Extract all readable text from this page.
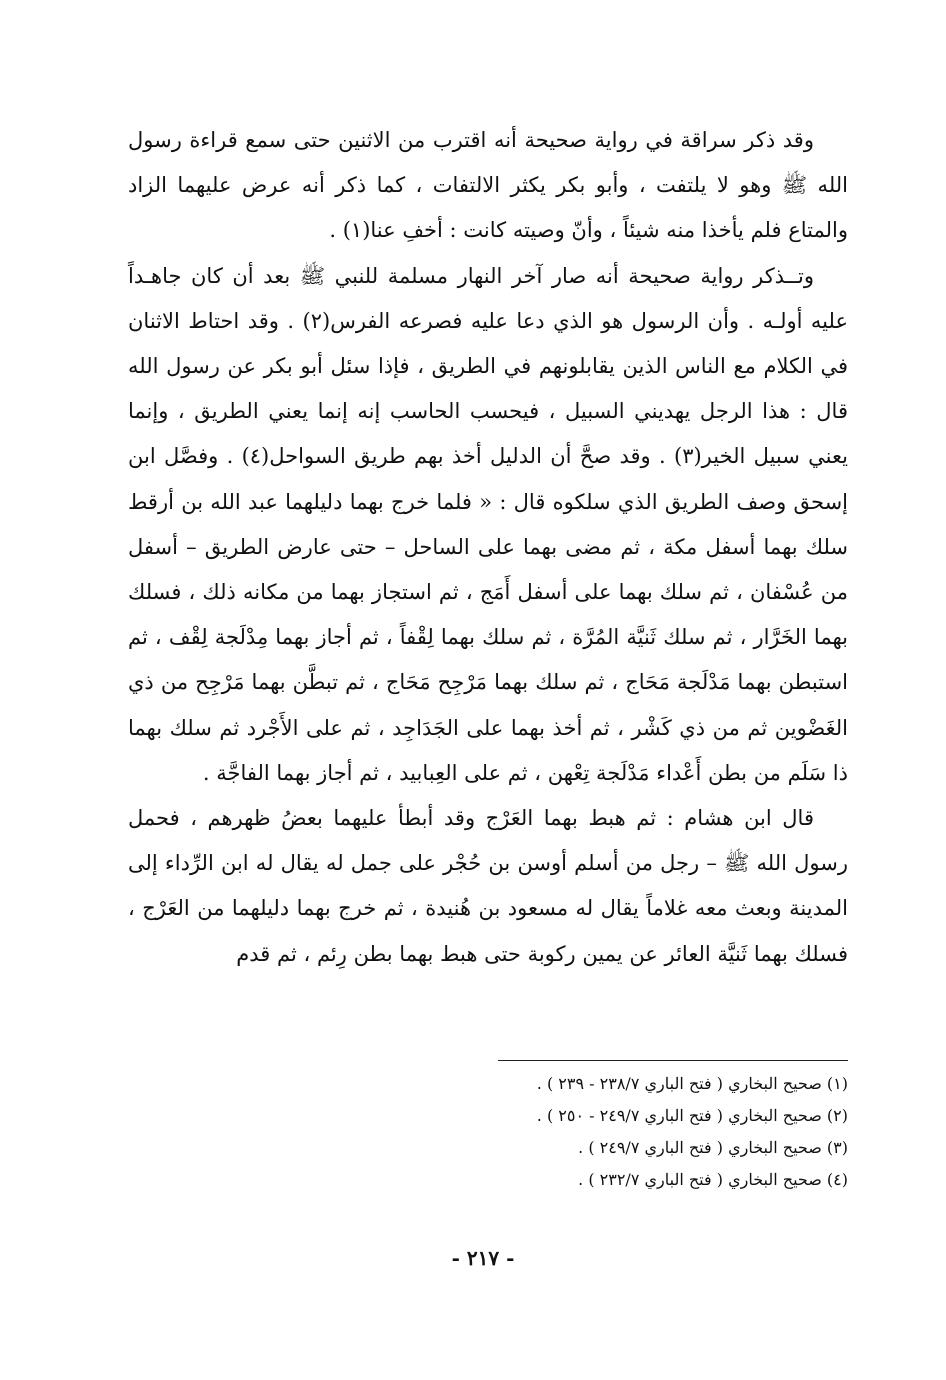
وقد ذكر سراقة في رواية صحيحة أنه اقترب من الاثنين حتى سمع قراءة رسول الله ﷺ وهو لا يلتفت ، وأبو بكر يكثر الالتفات ، كما ذكر أنه عرض عليهما الزاد والمتاع فلم يأخذا منه شيئاً ، وأنّ وصيته كانت : أخفِ عنا(١) .

وتــذكر رواية صحيحة أنه صار آخر النهار مسلمة للنبي ﷺ بعد أن كان جاهـداً عليه أولـه . وأن الرسول هو الذي دعا عليه فصرعه الفرس(٢) . وقد احتاط الاثنان في الكلام مع الناس الذين يقابلونهم في الطريق ، فإذا سئل أبو بكر عن رسول الله قال : هذا الرجل يهديني السبيل ، فيحسب الحاسب إنه إنما يعني الطريق ، وإنما يعني سبيل الخير(٣) . وقد صحَّ أن الدليل أخذ بهم طريق السواحل(٤) . وفصَّل ابن إسحق وصف الطريق الذي سلكوه قال : « فلما خرج بهما دليلهما عبد الله بن أرقط سلك بهما أسفل مكة ، ثم مضى بهما على الساحل – حتى عارض الطريق – أسفل من عُسْفان ، ثم سلك بهما على أسفل أَمَج ، ثم استجاز بهما من مكانه ذلك ، فسلك بهما الخَرَّار ، ثم سلك ثَنيَّة المُرَّة ، ثم سلك بهما لِقْفاً ، ثم أجاز بهما مِدْلَجة لِقْف ، ثم استبطن بهما مَدْلَجة مَحَاج ، ثم سلك بهما مَرْجِح مَحَاج ، ثم تبطَّن بهما مَرْجِح من ذي الغَضْوين ثم من ذي كَشْر ، ثم أخذ بهما على الجَدَاجِد ، ثم على الأَجْرد ثم سلك بهما ذا سَلَم من بطن أَعْداء مَدْلَجة تِعْهن ، ثم على العِبابيد ، ثم أجاز بهما الفاجَّة .

قال ابن هشام : ثم هبط بهما العَرْج وقد أبطأ عليهما بعضُ ظهرهم ، فحمل رسول الله ﷺ – رجل من أسلم أوسن بن حُجْر على جمل له يقال له ابن الرِّداء إلى المدينة وبعث معه غلاماً يقال له مسعود بن هُنيدة ، ثم خرج بهما دليلهما من العَرْج ، فسلك بهما ثَنيَّة العائر عن يمين ركوبة حتى هبط بهما بطن رِئم ، ثم قدم

(١) صحيح البخاري ( فتح الباري ٢٣٨/٧ - ٢٣٩ ) .
(٢) صحيح البخاري ( فتح الباري ٢٤٩/٧ - ٢٥٠ ) .
(٣) صحيح البخاري ( فتح الباري ٢٤٩/٧ ) .
(٤) صحيح البخاري ( فتح الباري ٢٣٢/٧ ) .
- ٢١٧ -
